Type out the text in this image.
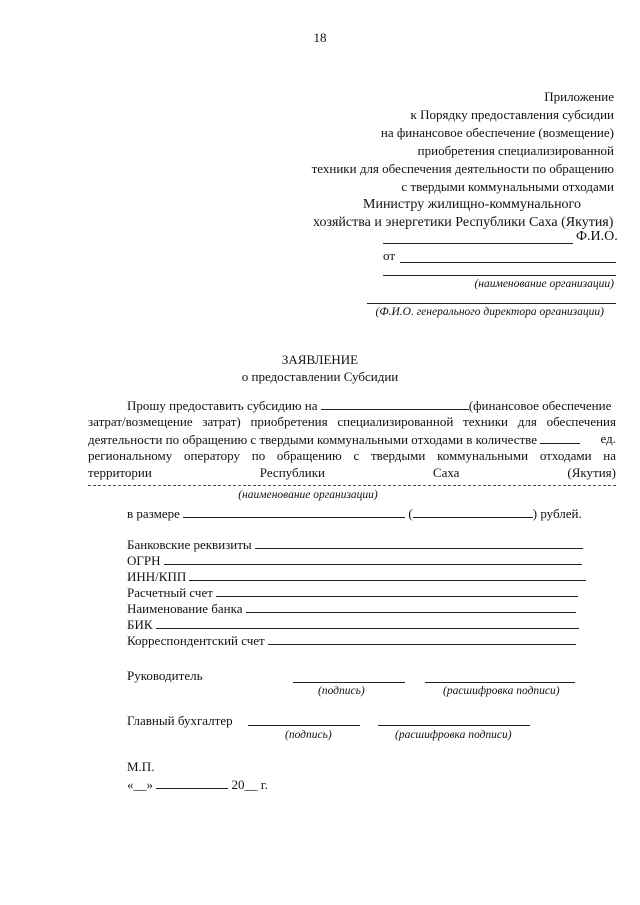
18
Приложение
к Порядку предоставления субсидии
на финансовое обеспечение (возмещение)
приобретения специализированной
техники для обеспечения деятельности по обращению
с твердыми коммунальными отходами
Министру жилищно-коммунального
хозяйства и энергетики Республики Саха (Якутия)
Ф.И.О.
от
(наименование организации)
(Ф.И.О. генерального директора организации)
ЗАЯВЛЕНИЕ
о предоставлении Субсидии
Прошу предоставить субсидию на	(финансовое обеспечение
затрат/возмещение затрат) приобретения специализированной техники для обеспечения
деятельности по обращению с твердыми коммунальными отходами в количестве	ед.
региональному оператору по обращению с твердыми коммунальными отходами на
территории	Республики	Саха	(Якутия)
(наименование организации)
в размере	(	) рублей.
Банковские реквизиты
ОГРН
ИНН/КПП
Расчетный счет
Наименование банка
БИК
Корреспондентский счет
Руководитель
(подпись)	(расшифровка подписи)
Главный бухгалтер
(подпись)	(расшифровка подписи)
М.П.
«__»	20__ г.
